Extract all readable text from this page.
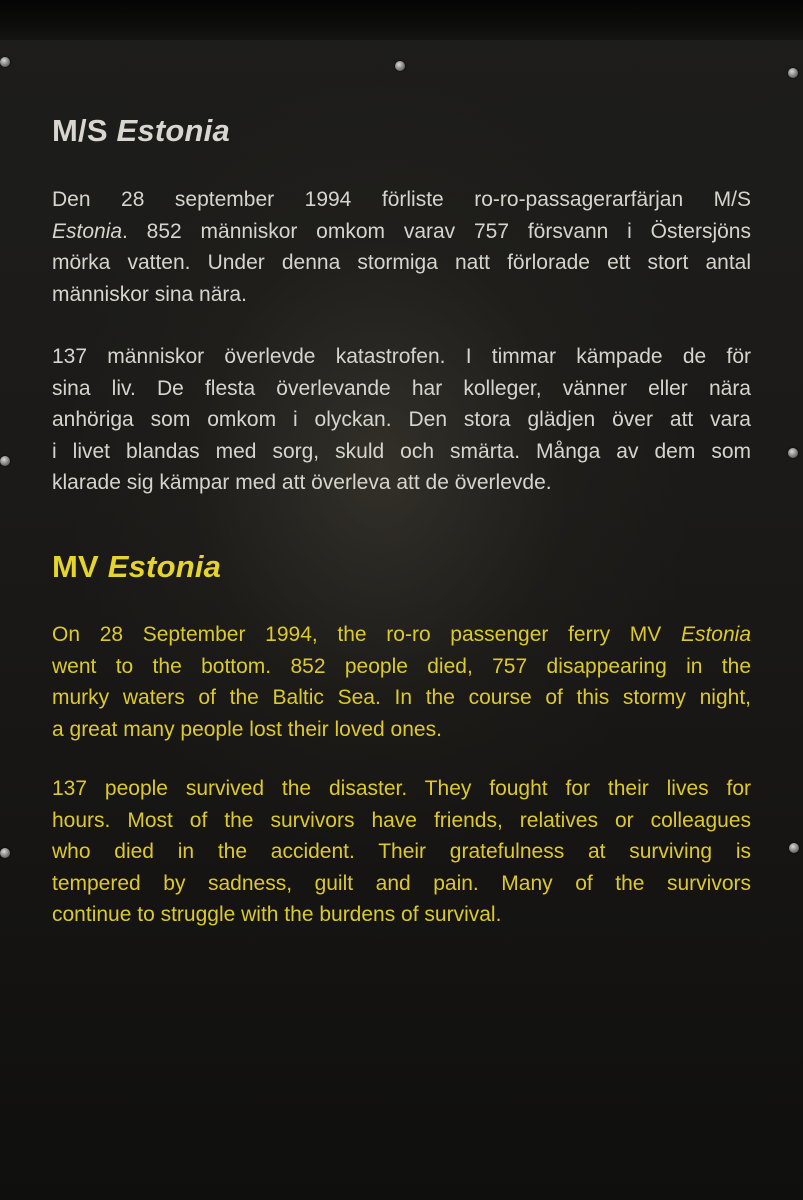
M/S Estonia

Den 28 september 1994 förliste ro-ro-passagerarfärjan M/S
Estonia. 852 människor omkom varav 757 försvann i Östersjöns
mörka vatten. Under denna stormiga natt förlorade ett stort antal
människor sina nära.

137 människor överlevde katastrofen. I timmar kämpade de för
sina liv. De flesta överlevande har kolleger, vänner eller nära
anhöriga som omkom i olyckan. Den stora glädjen över att vara
i livet blandas med sorg, skuld och smärta. Många av dem som
klarade sig kämpar med att överleva att de överlevde.

MV Estonia

On 28 September 1994, the ro-ro passenger ferry MV Estonia
went to the bottom. 852 people died, 757 disappearing in the
murky waters of the Baltic Sea. In the course of this stormy night,
a great many people lost their loved ones.

137 people survived the disaster. They fought for their lives for
hours. Most of the survivors have friends, relatives or colleagues
who died in the accident. Their gratefulness at surviving is
tempered by sadness, guilt and pain. Many of the survivors
continue to struggle with the burdens of survival.
